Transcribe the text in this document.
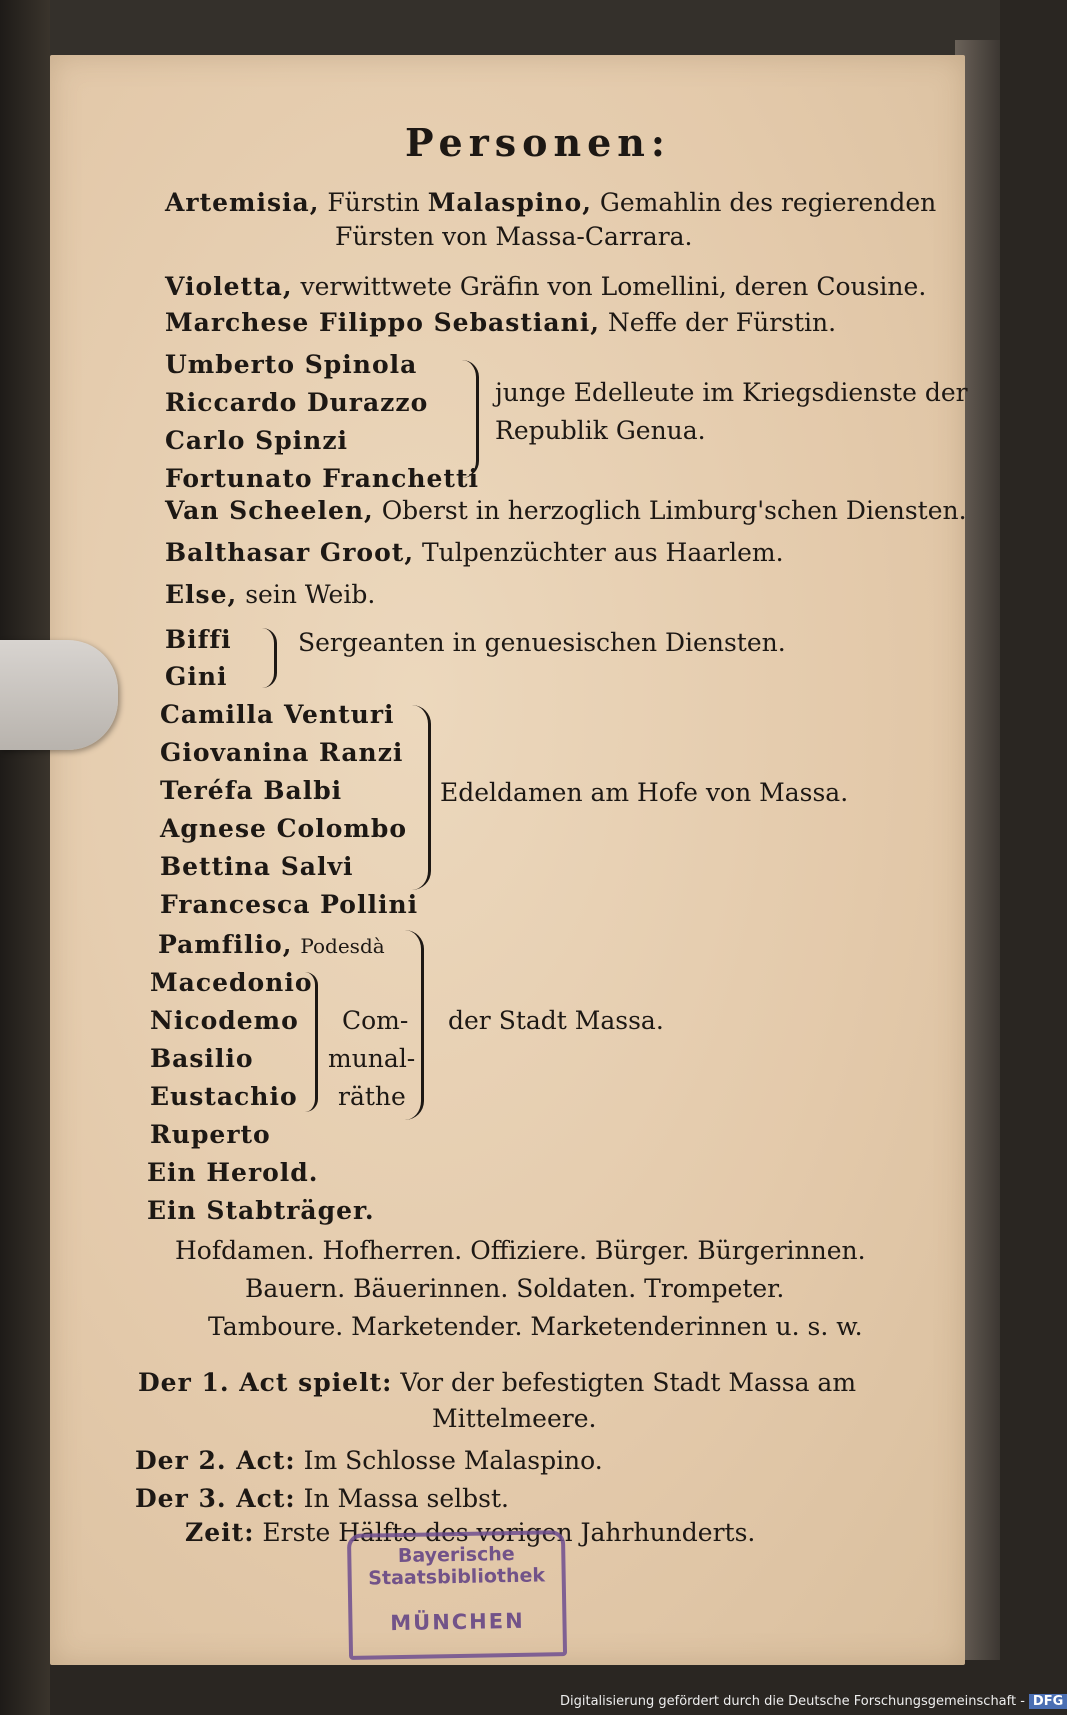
Personen:
Artemisia, Fürstin Malaspino, Gemahlin des regierenden
Fürsten von Massa-Carrara.
Violetta, verwittwete Gräfin von Lomellini, deren Cousine.
Marchese Filippo Sebastiani, Neffe der Fürstin.
Umberto Spinola
Riccardo Durazzo
Carlo Spinzi
Fortunato Franchetti
junge Edelleute im Kriegsdienste der
Republik Genua.
Van Scheelen, Oberst in herzoglich Limburg'schen Diensten.
Balthasar Groot, Tulpenzüchter aus Haarlem.
Else, sein Weib.
Biffi
Gini
Sergeanten in genuesischen Diensten.
Camilla Venturi
Giovanina Ranzi
Teréfa Balbi
Agnese Colombo
Bettina Salvi
Francesca Pollini
Edeldamen am Hofe von Massa.
Pamfilio, Podesdà
Macedonio
Nicodemo
Basilio
Eustachio
Ruperto
Com-
munal-
räthe
der Stadt Massa.
Ein Herold.
Ein Stabträger.
Hofdamen. Hofherren. Offiziere. Bürger. Bürgerinnen.
Bauern. Bäuerinnen. Soldaten. Trompeter.
Tamboure. Marketender. Marketenderinnen u. s. w.
Der 1. Act spielt: Vor der befestigten Stadt Massa am
Mittelmeere.
Der 2. Act: Im Schlosse Malaspino.
Der 3. Act: In Massa selbst.
Zeit: Erste Hälfte des vorigen Jahrhunderts.
Bayerische
Staatsbibliothek
MÜNCHEN
Digitalisierung gefördert durch die Deutsche Forschungsgemeinschaft - DFG
